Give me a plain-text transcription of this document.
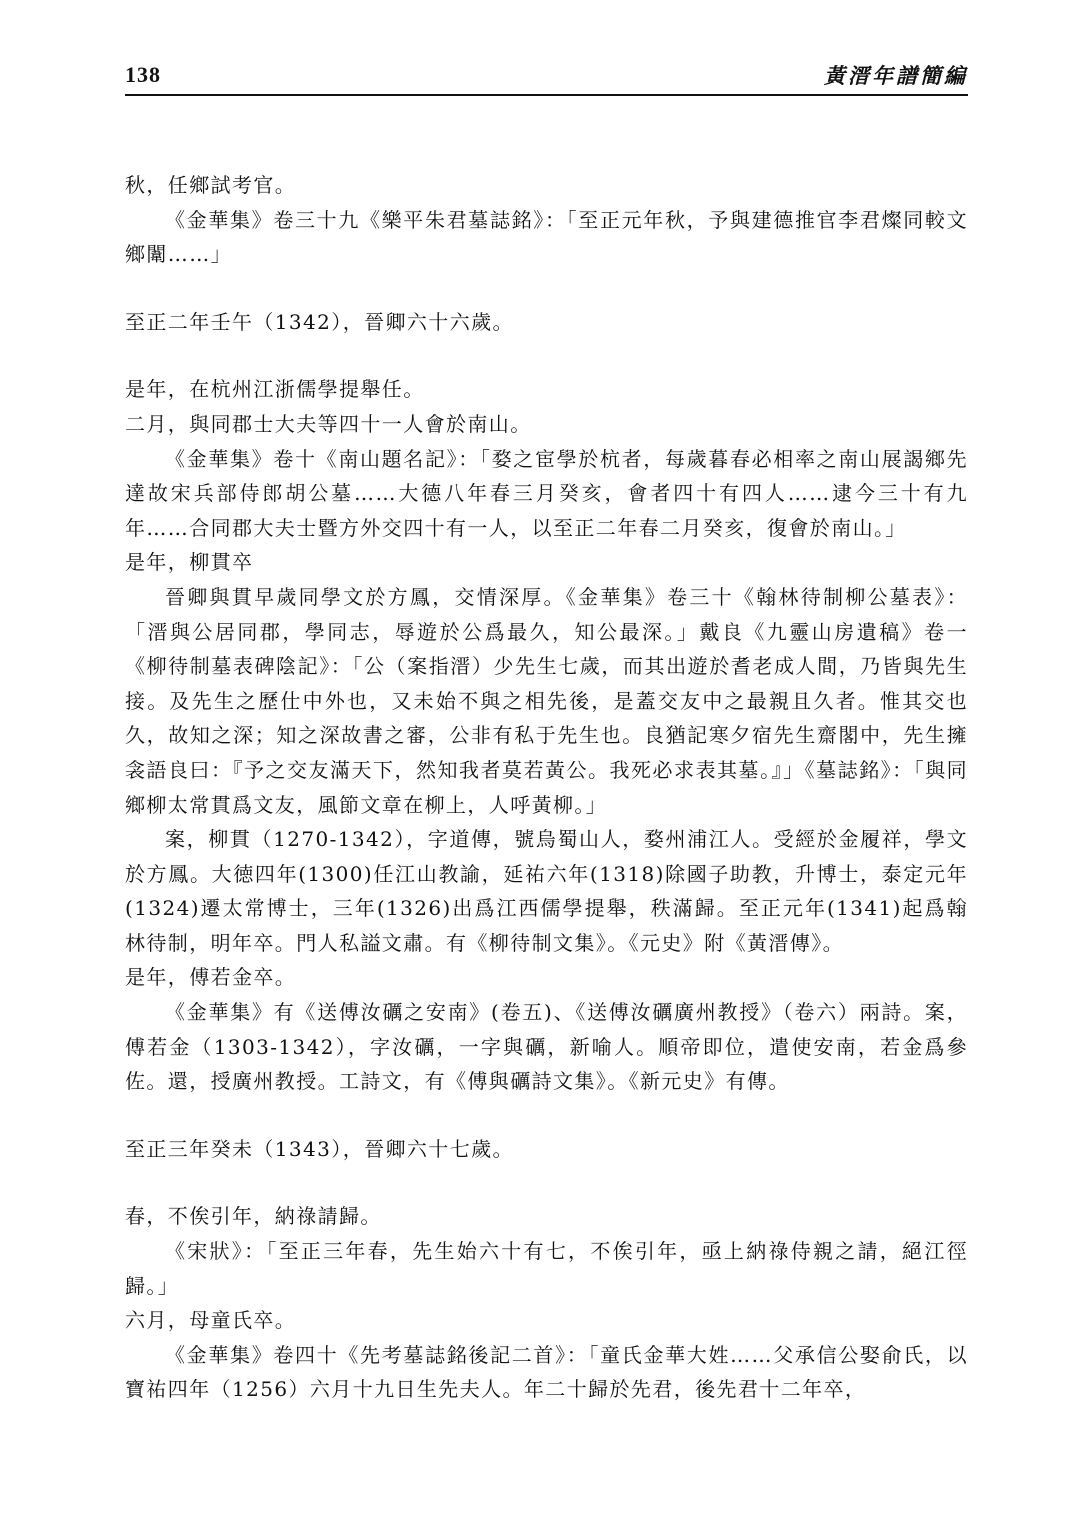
138	黃溍年譜簡編

秋，任鄉試考官。

《金華集》卷三十九《樂平朱君墓誌銘》：「至正元年秋，予與建德推官李君燦同較文鄉闈……」

至正二年壬午（1342），晉卿六十六歲。

是年，在杭州江浙儒學提舉任。

二月，與同郡士大夫等四十一人會於南山。

《金華集》卷十《南山題名記》：「婺之宦學於杭者，每歲暮春必相率之南山展謁鄉先達故宋兵部侍郎胡公墓……大德八年春三月癸亥，會者四十有四人……逮今三十有九年……合同郡大夫士暨方外交四十有一人，以至正二年春二月癸亥，復會於南山。」

是年，柳貫卒

晉卿與貫早歲同學文於方鳳，交情深厚。《金華集》卷三十《翰林待制柳公墓表》：「溍與公居同郡，學同志，辱遊於公爲最久，知公最深。」戴良《九靈山房遺稿》卷一《柳待制墓表碑陰記》：「公（案指溍）少先生七歲，而其出遊於耆老成人間，乃皆與先生接。及先生之歷仕中外也，又未始不與之相先後，是蓋交友中之最親且久者。惟其交也久，故知之深；知之深故書之審，公非有私于先生也。良猶記寒夕宿先生齋閣中，先生擁衾語良曰：『予之交友滿天下，然知我者莫若黃公。我死必求表其墓。』」《墓誌銘》：「與同鄉柳太常貫爲文友，風節文章在柳上，人呼黃柳。」

案，柳貫（1270-1342），字道傳，號烏蜀山人，婺州浦江人。受經於金履祥，學文於方鳳。大徳四年(1300)任江山教諭，延祐六年(1318)除國子助教，升博士，泰定元年(1324)遷太常博士，三年(1326)出爲江西儒學提舉，秩滿歸。至正元年(1341)起爲翰林待制，明年卒。門人私謚文肅。有《柳待制文集》。《元史》附《黃溍傳》。

是年，傅若金卒。

《金華集》有《送傅汝礪之安南》(卷五)、《送傅汝礪廣州教授》（卷六）兩詩。案，傅若金（1303-1342），字汝礪，一字與礪，新喻人。順帝即位，遣使安南，若金爲參佐。還，授廣州教授。工詩文，有《傅與礪詩文集》。《新元史》有傳。

至正三年癸未（1343），晉卿六十七歲。

春，不俟引年，納祿請歸。

《宋狀》：「至正三年春，先生始六十有七，不俟引年，亟上納祿侍親之請，絕江徑歸。」

六月，母童氏卒。

《金華集》卷四十《先考墓誌銘後記二首》：「童氏金華大姓……父承信公娶俞氏，以寶祐四年（1256）六月十九日生先夫人。年二十歸於先君，後先君十二年卒，
